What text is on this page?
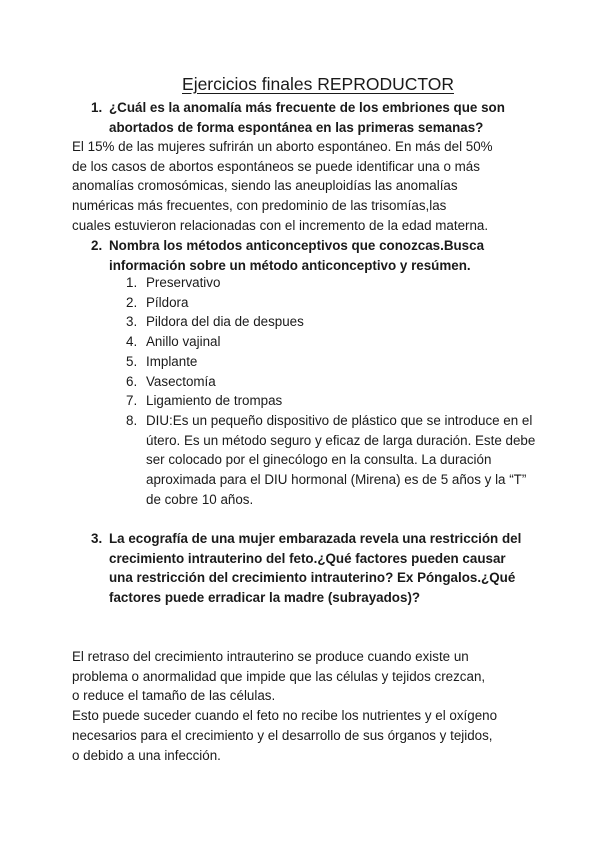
Ejercicios finales REPRODUCTOR
1. ¿Cuál es la anomalía más frecuente de los embriones que son abortados de forma espontánea en las primeras semanas?
El 15% de las mujeres sufrirán un aborto espontáneo. En más del 50%
de los casos de abortos espontáneos se puede identificar una o más
anomalías cromosómicas, siendo las aneuploidías las anomalías
numéricas más frecuentes, con predominio de las trisomías,las
cuales estuvieron relacionadas con el incremento de la edad materna.
2. Nombra los métodos anticonceptivos que conozcas.Busca información sobre un método anticonceptivo y resúmen.
1. Preservativo
2. Píldora
3. Pildora del dia de despues
4. Anillo vajinal
5. Implante
6. Vasectomía
7. Ligamiento de trompas
8. DIU:Es un pequeño dispositivo de plástico que se introduce en el útero. Es un método seguro y eficaz de larga duración. Este debe ser colocado por el ginecólogo en la consulta. La duración aproximada para el DIU hormonal (Mirena) es de 5 años y la “T” de cobre 10 años.
3. La ecografía de una mujer embarazada revela una restricción del crecimiento intrauterino del feto.¿Qué factores pueden causar una restricción del crecimiento intrauterino? Ex Póngalos.¿Qué factores puede erradicar la madre (subrayados)?
El retraso del crecimiento intrauterino se produce cuando existe un
problema o anormalidad que impide que las células y tejidos crezcan,
o reduce el tamaño de las células.
Esto puede suceder cuando el feto no recibe los nutrientes y el oxígeno
necesarios para el crecimiento y el desarrollo de sus órganos y tejidos,
o debido a una infección.
